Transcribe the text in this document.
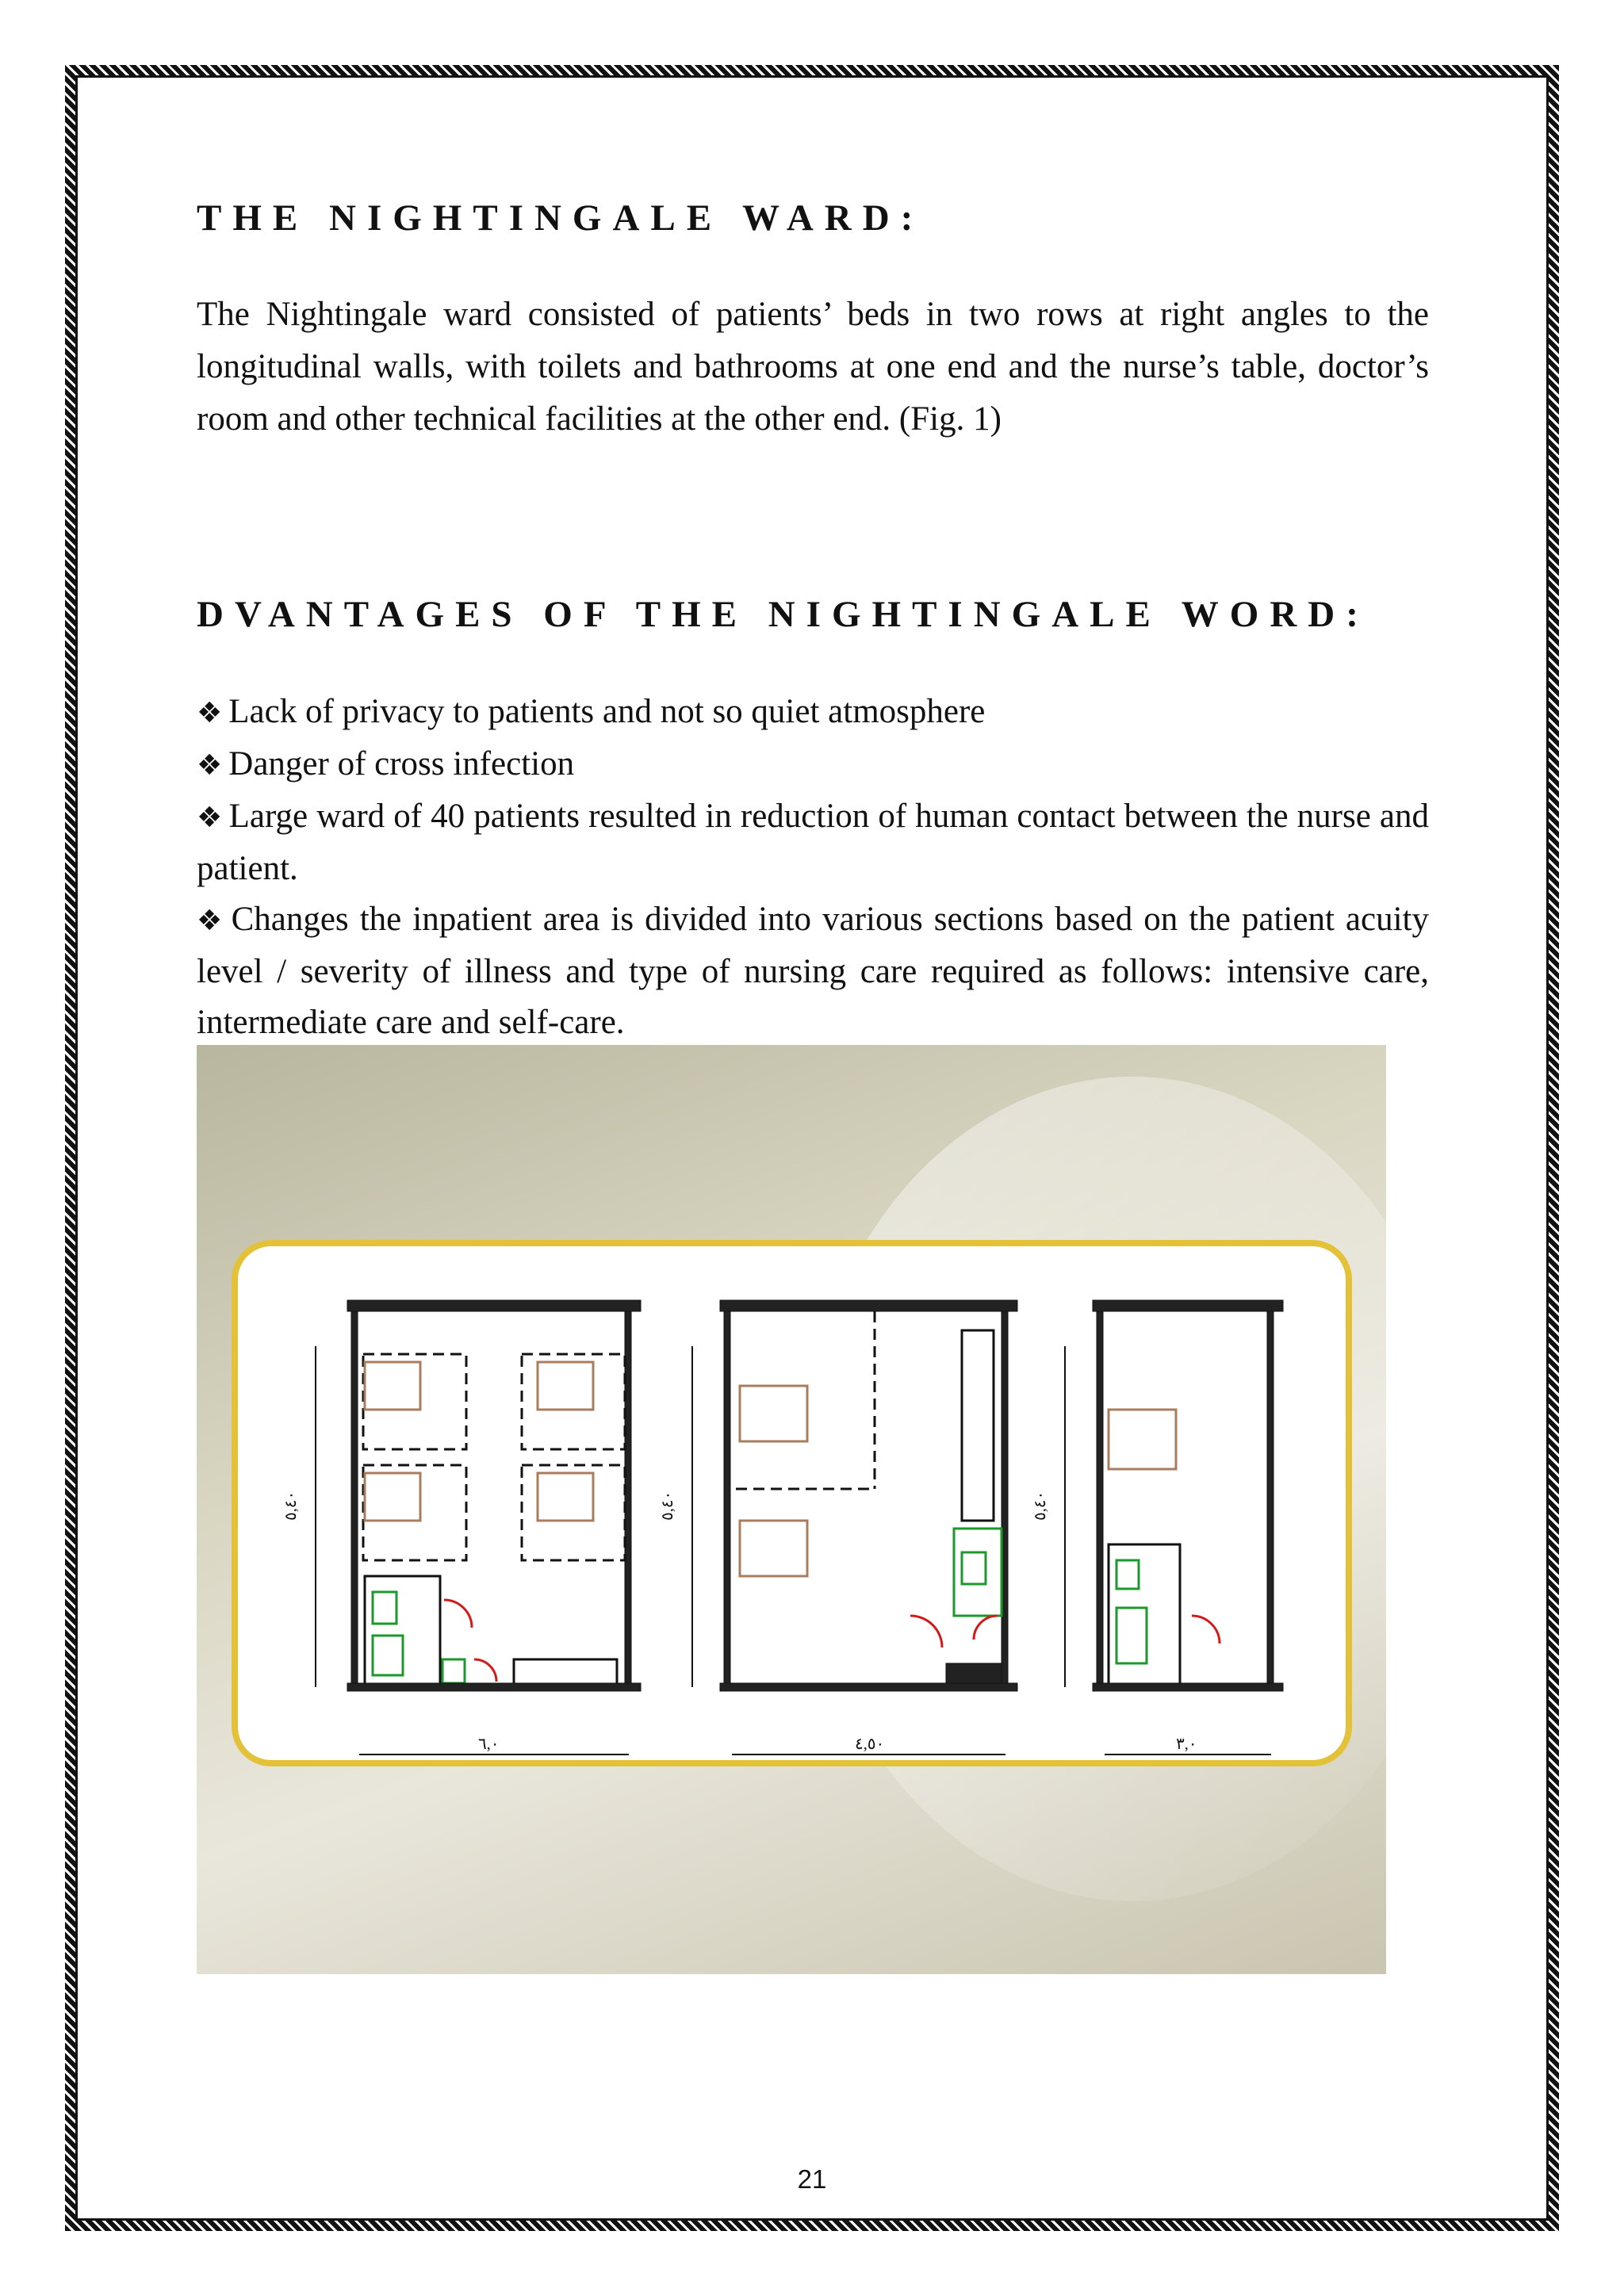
THE NIGHTINGALE WARD:

The Nightingale ward consisted of patients’ beds in two rows at right angles to the longitudinal walls, with toilets and bathrooms at one end and the nurse’s table, doctor’s room and other technical facilities at the other end. (Fig. 1)

DVANTAGES OF THE NIGHTINGALE WORD:
❖ Lack of privacy to patients and not so quiet atmosphere
❖ Danger of cross infection
❖ Large ward of 40 patients resulted in reduction of human contact between the nurse and patient.
❖ Changes the inpatient area is divided into various sections based on the patient acuity level / severity of illness and type of nursing care required as follows: intensive care, intermediate care and self-care.
٥,٤٠
٦,٠
٥,٤٠
٤,٥٠
٥,٤٠
٣,٠
21
